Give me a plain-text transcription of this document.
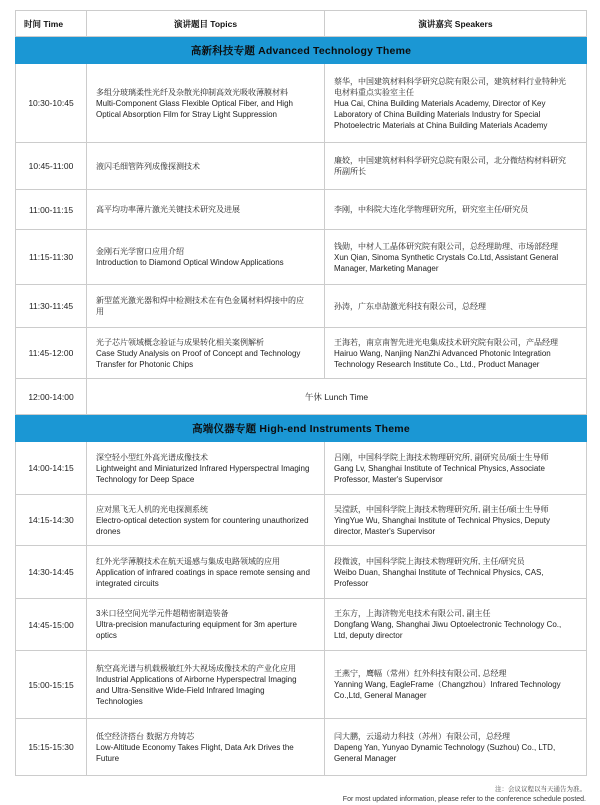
时间 Time	演讲题目 Topics	演讲嘉宾 Speakers
高新科技专题 Advanced Technology Theme		
10:30-10:45	多组分玻璃柔性光纤及杂散光抑制高效光吸收薄膜材料
Multi-Component Glass Flexible Optical Fiber, and High Optical Absorption Film for Stray Light Suppression	蔡华，中国建筑材料科学研究总院有限公司，建筑材料行业特种光电材料重点实验室主任
Hua Cai, China Building Materials Academy, Director of Key Laboratory of China Building Materials Industry for Special Photoelectric Materials at China Building Materials Academy

10:45-11:00	液闪毛细管阵列成像探测技术	廉姣，中国建筑材料科学研究总院有限公司，北分微结构材料研究所副所长

11:00-11:15	高平均功率薄片激光关键技术研究及进展	李刚，中科院大连化学物理研究所，研究室主任/研究员

11:15-11:30	金刚石光学窗口应用介绍
Introduction to Diamond Optical Window Applications	钱勋，中材人工晶体研究院有限公司，总经理助理、市场部经理
Xun Qian, Sinoma Synthetic Crystals Co.Ltd, Assistant General Manager, Marketing Manager

11:30-11:45	新型蓝光激光器和焊中检测技术在有色金属材料焊接中的应用	孙涛，广东卓劼激光科技有限公司，总经理

11:45-12:00	光子芯片领域概念验证与成果转化相关案例解析
Case Study Analysis on Proof of Concept and Technology Transfer for Photonic Chips	王海若，南京南智先进光电集成技术研究院有限公司，产品经理
Hairuo Wang, Nanjing NanZhi Advanced Photonic Integration Technology Research Institute Co., Ltd., Product Manager

12:00-14:00	午休 Lunch Time	
高端仪器专题 High-end Instruments Theme		
14:00-14:15	深空轻小型红外高光谱成像技术
Lightweight and Miniaturized Infrared Hyperspectral Imaging Technology for Deep Space	吕刚，中国科学院上海技术物理研究所, 副研究员/硕士生导师
Gang Lv, Shanghai Institute of Technical Physics, Associate Professor, Master's Supervisor

14:15-14:30	应对黑飞无人机的光电探测系统
Electro-optical detection system for countering unauthorized drones	吴滢跃，中国科学院上海技术物理研究所, 副主任/硕士生导师
YingYue Wu, Shanghai Institute of Technical Physics, Deputy director, Master's Supervisor

14:30-14:45	红外光学薄膜技术在航天遥感与集成电路领域的应用
Application of infrared coatings in space remote sensing and integrated circuits	段微波，中国科学院上海技术物理研究所, 主任/研究员
Weibo Duan, Shanghai Institute of Technical Physics, CAS, Professor

14:45-15:00	3米口径空间光学元件超精密制造装备
Ultra-precision manufacturing equipment for 3m aperture optics	王东方，上海济物光电技术有限公司, 副主任
Dongfang Wang, Shanghai Jiwu Optoelectronic Technology Co., Ltd, deputy director

15:00-15:15	航空高光谱与机载极敏红外大视场成像技术的产业化应用
Industrial Applications of Airborne Hyperspectral Imaging and Ultra-Sensitive Wide-Field Infrared Imaging Technologies	王燕宁，鹰幅（常州）红外科技有限公司, 总经理
Yanning Wang, EagleFrame（Changzhou）Infrared Technology Co.,Ltd, General Manager

15:15-15:30	低空经济搭台 数据方舟铸芯
Low-Altitude Economy Takes Flight, Data Ark Drives the Future	闫大鹏，云遥动力科技（苏州）有限公司，总经理
Dapeng Yan, Yunyao Dynamic Technology (Suzhou) Co., LTD, General Manager
注：会议议程以当天通告为准。
For most updated information, please refer to the conference schedule posted.
